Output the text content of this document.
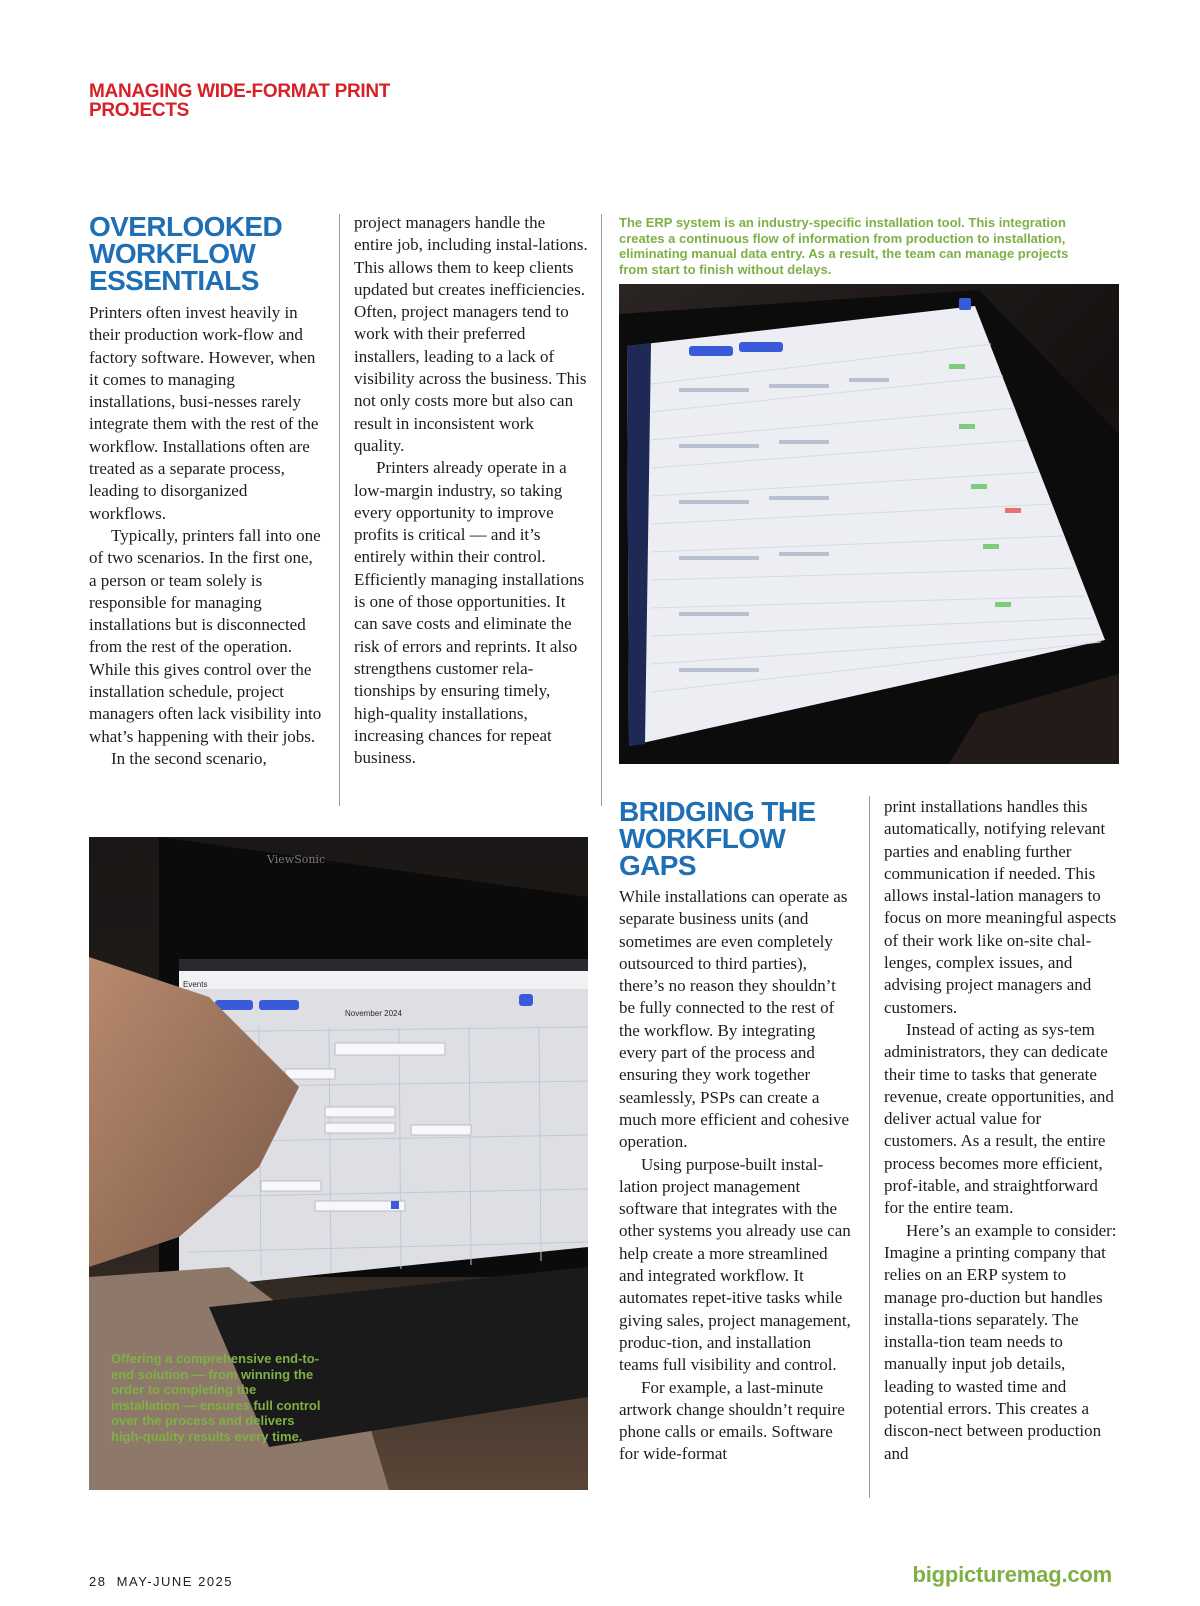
MANAGING WIDE-FORMAT PRINT PROJECTS
OVERLOOKED WORKFLOW ESSENTIALS

Printers often invest heavily in their production work-flow and factory software. However, when it comes to managing installations, busi-nesses rarely integrate them with the rest of the workflow. Installations often are treated as a separate process, leading to disorganized workflows.

Typically, printers fall into one of two scenarios. In the first one, a person or team solely is responsible for managing installations but is disconnected from the rest of the operation. While this gives control over the installation schedule, project managers often lack visibility into what’s happening with their jobs.

In the second scenario,

project managers handle the entire job, including instal-lations. This allows them to keep clients updated but creates inefficiencies. Often, project managers tend to work with their preferred installers, leading to a lack of visibility across the business. This not only costs more but also can result in inconsistent work quality.

Printers already operate in a low-margin industry, so taking every opportunity to improve profits is critical — and it’s entirely within their control. Efficiently managing installations is one of those opportunities. It can save costs and eliminate the risk of errors and reprints. It also strengthens customer rela-tionships by ensuring timely, high-quality installations, increasing chances for repeat business.

The ERP system is an industry-specific installation tool. This integration creates a continuous flow of information from production to installation, eliminating manual data entry. As a result, the team can manage projects from start to finish without delays.
ViewSonic
Events
November 2024
Offering a comprehensive end-to-end solution — from winning the order to completing the installation — ensures full control over the process and delivers high-quality results every time.
BRIDGING THE WORKFLOW GAPS

While installations can operate as separate business units (and sometimes are even completely outsourced to third parties), there’s no reason they shouldn’t be fully connected to the rest of the workflow. By integrating every part of the process and ensuring they work together seamlessly, PSPs can create a much more efficient and cohesive operation.

Using purpose-built instal-lation project management software that integrates with the other systems you already use can help create a more streamlined and integrated workflow. It automates repet-itive tasks while giving sales, project management, produc-tion, and installation teams full visibility and control.

For example, a last-minute artwork change shouldn’t require phone calls or emails. Software for wide-format

print installations handles this automatically, notifying relevant parties and enabling further communication if needed. This allows instal-lation managers to focus on more meaningful aspects of their work like on-site chal-lenges, complex issues, and advising project managers and customers.

Instead of acting as sys-tem administrators, they can dedicate their time to tasks that generate revenue, create opportunities, and deliver actual value for customers. As a result, the entire process becomes more efficient, prof-itable, and straightforward for the entire team.

Here’s an example to consider: Imagine a printing company that relies on an ERP system to manage pro-duction but handles installa-tions separately. The installa-tion team needs to manually input job details, leading to wasted time and potential errors. This creates a discon-nect between production and

28  MAY-JUNE 2025	bigpicturemag.com
